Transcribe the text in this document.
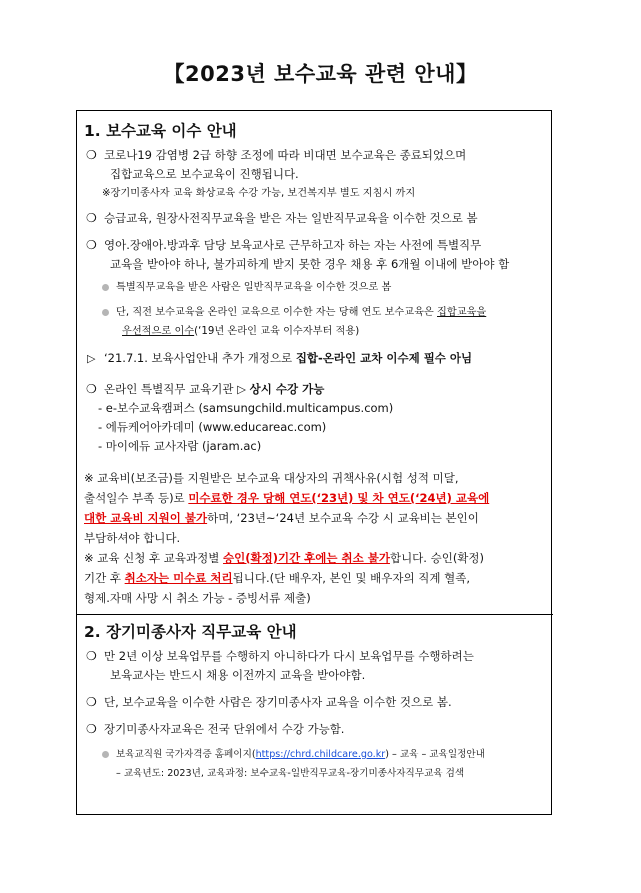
【2023년 보수교육 관련 안내】
1. 보수교육 이수 안내
❍ 코로나19 감염병 2급 하향 조정에 따라 비대면 보수교육은 종료되었으며
집합교육으로 보수교육이 진행됩니다.
※장기미종사자 교육 화상교육 수강 가능, 보건복지부 별도 지침시 까지
❍ 승급교육, 원장사전직무교육을 받은 자는 일반직무교육을 이수한 것으로 봄
❍ 영아.장애아.방과후 담당 보육교사로 근무하고자 하는 자는 사전에 특별직무
교육을 받아야 하나, 불가피하게 받지 못한 경우 채용 후 6개월 이내에 받아야 함
특별직무교육을 받은 사람은 일반직무교육을 이수한 것으로 봄
단, 직전 보수교육을 온라인 교육으로 이수한 자는 당해 연도 보수교육은 집합교육을
우선적으로 이수(‘19년 온라인 교육 이수자부터 적용)
▷ ‘21.7.1. 보육사업안내 추가 개정으로 집합-온라인 교차 이수제 필수 아님
❍ 온라인 특별직무 교육기관 ▷ 상시 수강 가능
- e-보수교육캠퍼스 (samsungchild.multicampus.com)
- 에듀케어아카데미 (www.educareac.com)
- 마이에듀 교사자람 (jaram.ac)
※ 교육비(보조금)를 지원받은 보수교육 대상자의 귀책사유(시험 성적 미달,
출석일수 부족 등)로 미수료한 경우 당해 연도(‘23년) 및 차 연도(‘24년) 교육에
대한 교육비 지원이 불가하며, ‘23년~‘24년 보수교육 수강 시 교육비는 본인이
부담하셔야 합니다.
※ 교육 신청 후 교육과정별 승인(확정)기간 후에는 취소 불가합니다. 승인(확정)
기간 후 취소자는 미수료 처리됩니다.(단 배우자, 본인 및 배우자의 직계 혈족,
형제.자매 사망 시 취소 가능 - 증빙서류 제출)
2. 장기미종사자 직무교육 안내
❍ 만 2년 이상 보육업무를 수행하지 아니하다가 다시 보육업무를 수행하려는
보육교사는 반드시 채용 이전까지 교육을 받아야함.
❍ 단, 보수교육을 이수한 사람은 장기미종사자 교육을 이수한 것으로 봄.
❍ 장기미종사자교육은 전국 단위에서 수강 가능함.
보육교직원 국가자격증 홈페이지(https://chrd.childcare.go.kr) – 교육 – 교육일정안내
– 교육년도: 2023년, 교육과정: 보수교육-일반직무교육-장기미종사자직무교육 검색
